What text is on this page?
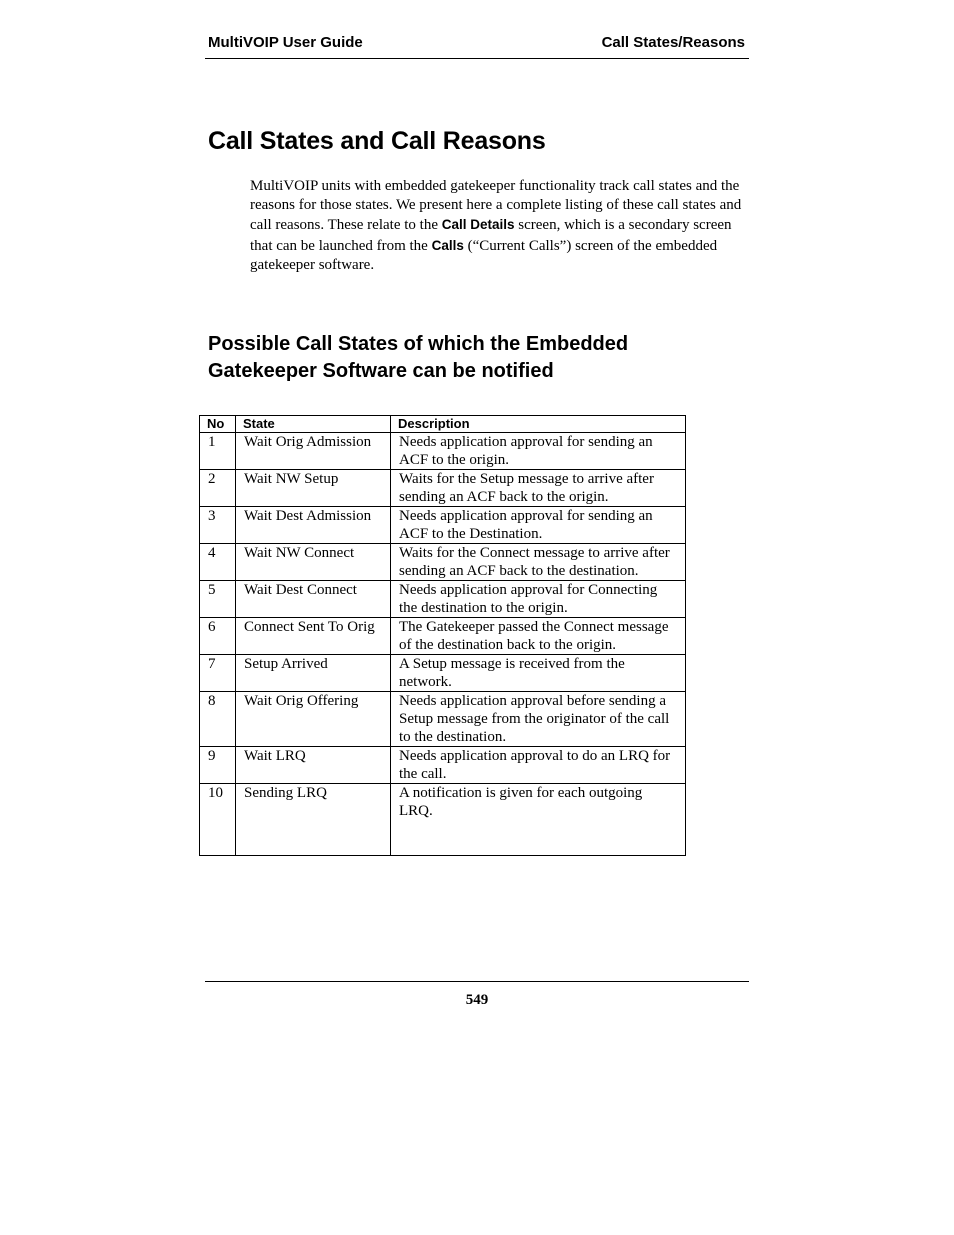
MultiVOIP User Guide	Call States/Reasons
Call States and Call Reasons

MultiVOIP units with embedded gatekeeper functionality track call states and the reasons for those states. We present here a complete listing of these call states and call reasons. These relate to the Call Details screen, which is a secondary screen that can be launched from the Calls (“Current Calls”) screen of the embedded gatekeeper software.

Possible Call States of which the Embedded Gatekeeper Software can be notified
No	State	Description
1	Wait Orig Admission	Needs application approval for sending an ACF to the origin.
2	Wait NW Setup	Waits for the Setup message to arrive after sending an ACF back to the origin.
3	Wait Dest Admission	Needs application approval for sending an ACF to the Destination.
4	Wait NW Connect	Waits for the Connect message to arrive after sending an ACF back to the destination.
5	Wait Dest Connect	Needs application approval for Connecting the destination to the origin.
6	Connect Sent To Orig	The Gatekeeper passed the Connect message of the destination back to the origin.
7	Setup Arrived	A Setup message is received from the network.
8	Wait Orig Offering	Needs application approval before sending a Setup message from the originator of the call to the destination.
9	Wait LRQ	Needs application approval to do an LRQ for the call.
10	Sending LRQ	A notification is given for each outgoing LRQ.
549
